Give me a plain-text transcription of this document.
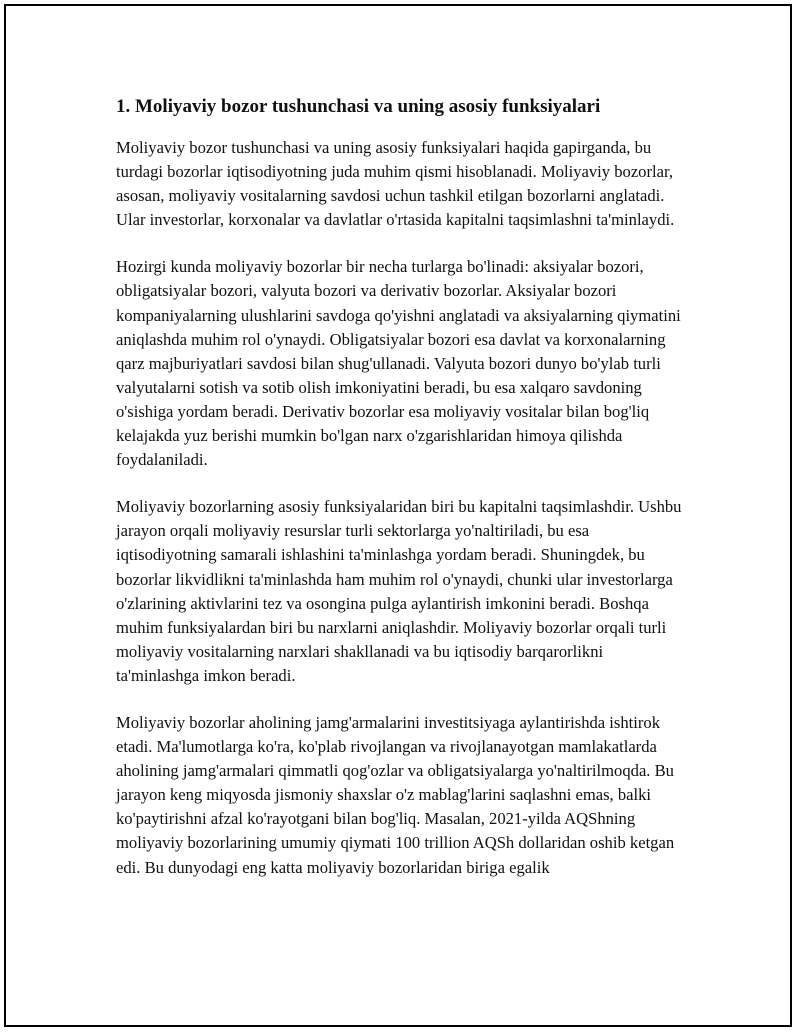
1. Moliyaviy bozor tushunchasi va uning asosiy funksiyalari

Moliyaviy bozor tushunchasi va uning asosiy funksiyalari haqida gapirganda, bu turdagi bozorlar iqtisodiyotning juda muhim qismi hisoblanadi. Moliyaviy bozorlar, asosan, moliyaviy vositalarning savdosi uchun tashkil etilgan bozorlarni anglatadi. Ular investorlar, korxonalar va davlatlar o'rtasida kapitalni taqsimlashni ta'minlaydi.

Hozirgi kunda moliyaviy bozorlar bir necha turlarga bo'linadi: aksiyalar bozori, obligatsiyalar bozori, valyuta bozori va derivativ bozorlar. Aksiyalar bozori kompaniyalarning ulushlarini savdoga qo'yishni anglatadi va aksiyalarning qiymatini aniqlashda muhim rol o'ynaydi. Obligatsiyalar bozori esa davlat va korxonalarning qarz majburiyatlari savdosi bilan shug'ullanadi. Valyuta bozori dunyo bo'ylab turli valyutalarni sotish va sotib olish imkoniyatini beradi, bu esa xalqaro savdoning o'sishiga yordam beradi. Derivativ bozorlar esa moliyaviy vositalar bilan bog'liq kelajakda yuz berishi mumkin bo'lgan narx o'zgarishlaridan himoya qilishda foydalaniladi.

Moliyaviy bozorlarning asosiy funksiyalaridan biri bu kapitalni taqsimlashdir. Ushbu jarayon orqali moliyaviy resurslar turli sektorlarga yo'naltiriladi, bu esa iqtisodiyotning samarali ishlashini ta'minlashga yordam beradi. Shuningdek, bu bozorlar likvidlikni ta'minlashda ham muhim rol o'ynaydi, chunki ular investorlarga o'zlarining aktivlarini tez va osongina pulga aylantirish imkonini beradi. Boshqa muhim funksiyalardan biri bu narxlarni aniqlashdir. Moliyaviy bozorlar orqali turli moliyaviy vositalarning narxlari shakllanadi va bu iqtisodiy barqarorlikni ta'minlashga imkon beradi.

Moliyaviy bozorlar aholining jamg'armalarini investitsiyaga aylantirishda ishtirok etadi. Ma'lumotlarga ko'ra, ko'plab rivojlangan va rivojlanayotgan mamlakatlarda aholining jamg'armalari qimmatli qog'ozlar va obligatsiyalarga yo'naltirilmoqda. Bu jarayon keng miqyosda jismoniy shaxslar o'z mablag'larini saqlashni emas, balki ko'paytirishni afzal ko'rayotgani bilan bog'liq. Masalan, 2021-yilda AQShning moliyaviy bozorlarining umumiy qiymati 100 trillion AQSh dollaridan oshib ketgan edi. Bu dunyodagi eng katta moliyaviy bozorlaridan biriga egalik
